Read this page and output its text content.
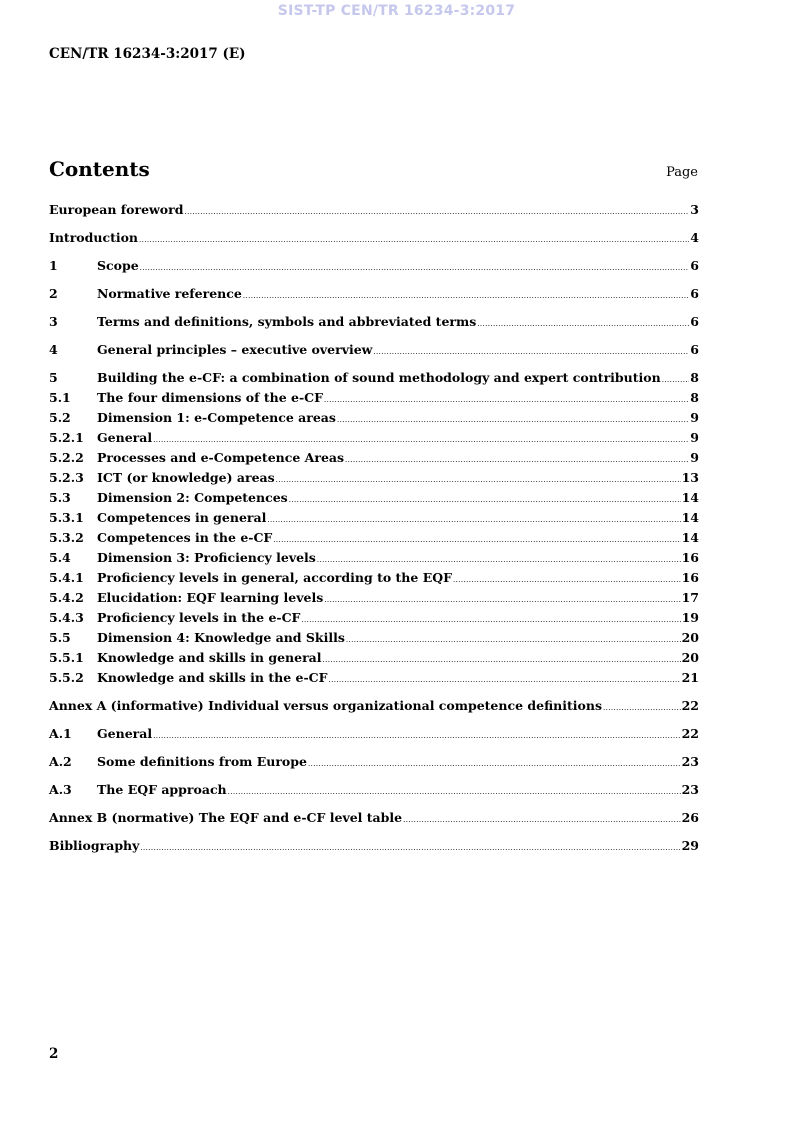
SIST-TP CEN/TR 16234-3:2017
CEN/TR 16234-3:2017 (E)
Contents	Page
European foreword .....	3
Introduction .....	4
1	Scope .....	6
2	Normative reference .....	6
3	Terms and definitions, symbols and abbreviated terms .....	6
4	General principles – executive overview .....	6
5	Building the e-CF: a combination of sound methodology and expert contribution ..... 8
5.1	The four dimensions of the e-CF .....	8
5.2	Dimension 1: e-Competence areas .....	9
5.2.1	General .....	9
5.2.2	Processes and e-Competence Areas .....	9
5.2.3	ICT (or knowledge) areas .....	13
5.3	Dimension 2: Competences .....	14
5.3.1	Competences in general .....	14
5.3.2	Competences in the e-CF .....	14
5.4	Dimension 3: Proficiency levels .....	16
5.4.1	Proficiency levels in general, according to the EQF .....	16
5.4.2	Elucidation: EQF learning levels .....	17
5.4.3	Proficiency levels in the e-CF .....	19
5.5	Dimension 4: Knowledge and Skills .....	20
5.5.1	Knowledge and skills in general .....	20
5.5.2	Knowledge and skills in the e-CF .....	21
Annex A (informative) Individual versus organizational competence definitions .....	22
A.1	General .....	22
A.2	Some definitions from Europe .....	23
A.3	The EQF approach .....	23
Annex B (normative) The EQF and e-CF level table .....	26
Bibliography .....	29
2
